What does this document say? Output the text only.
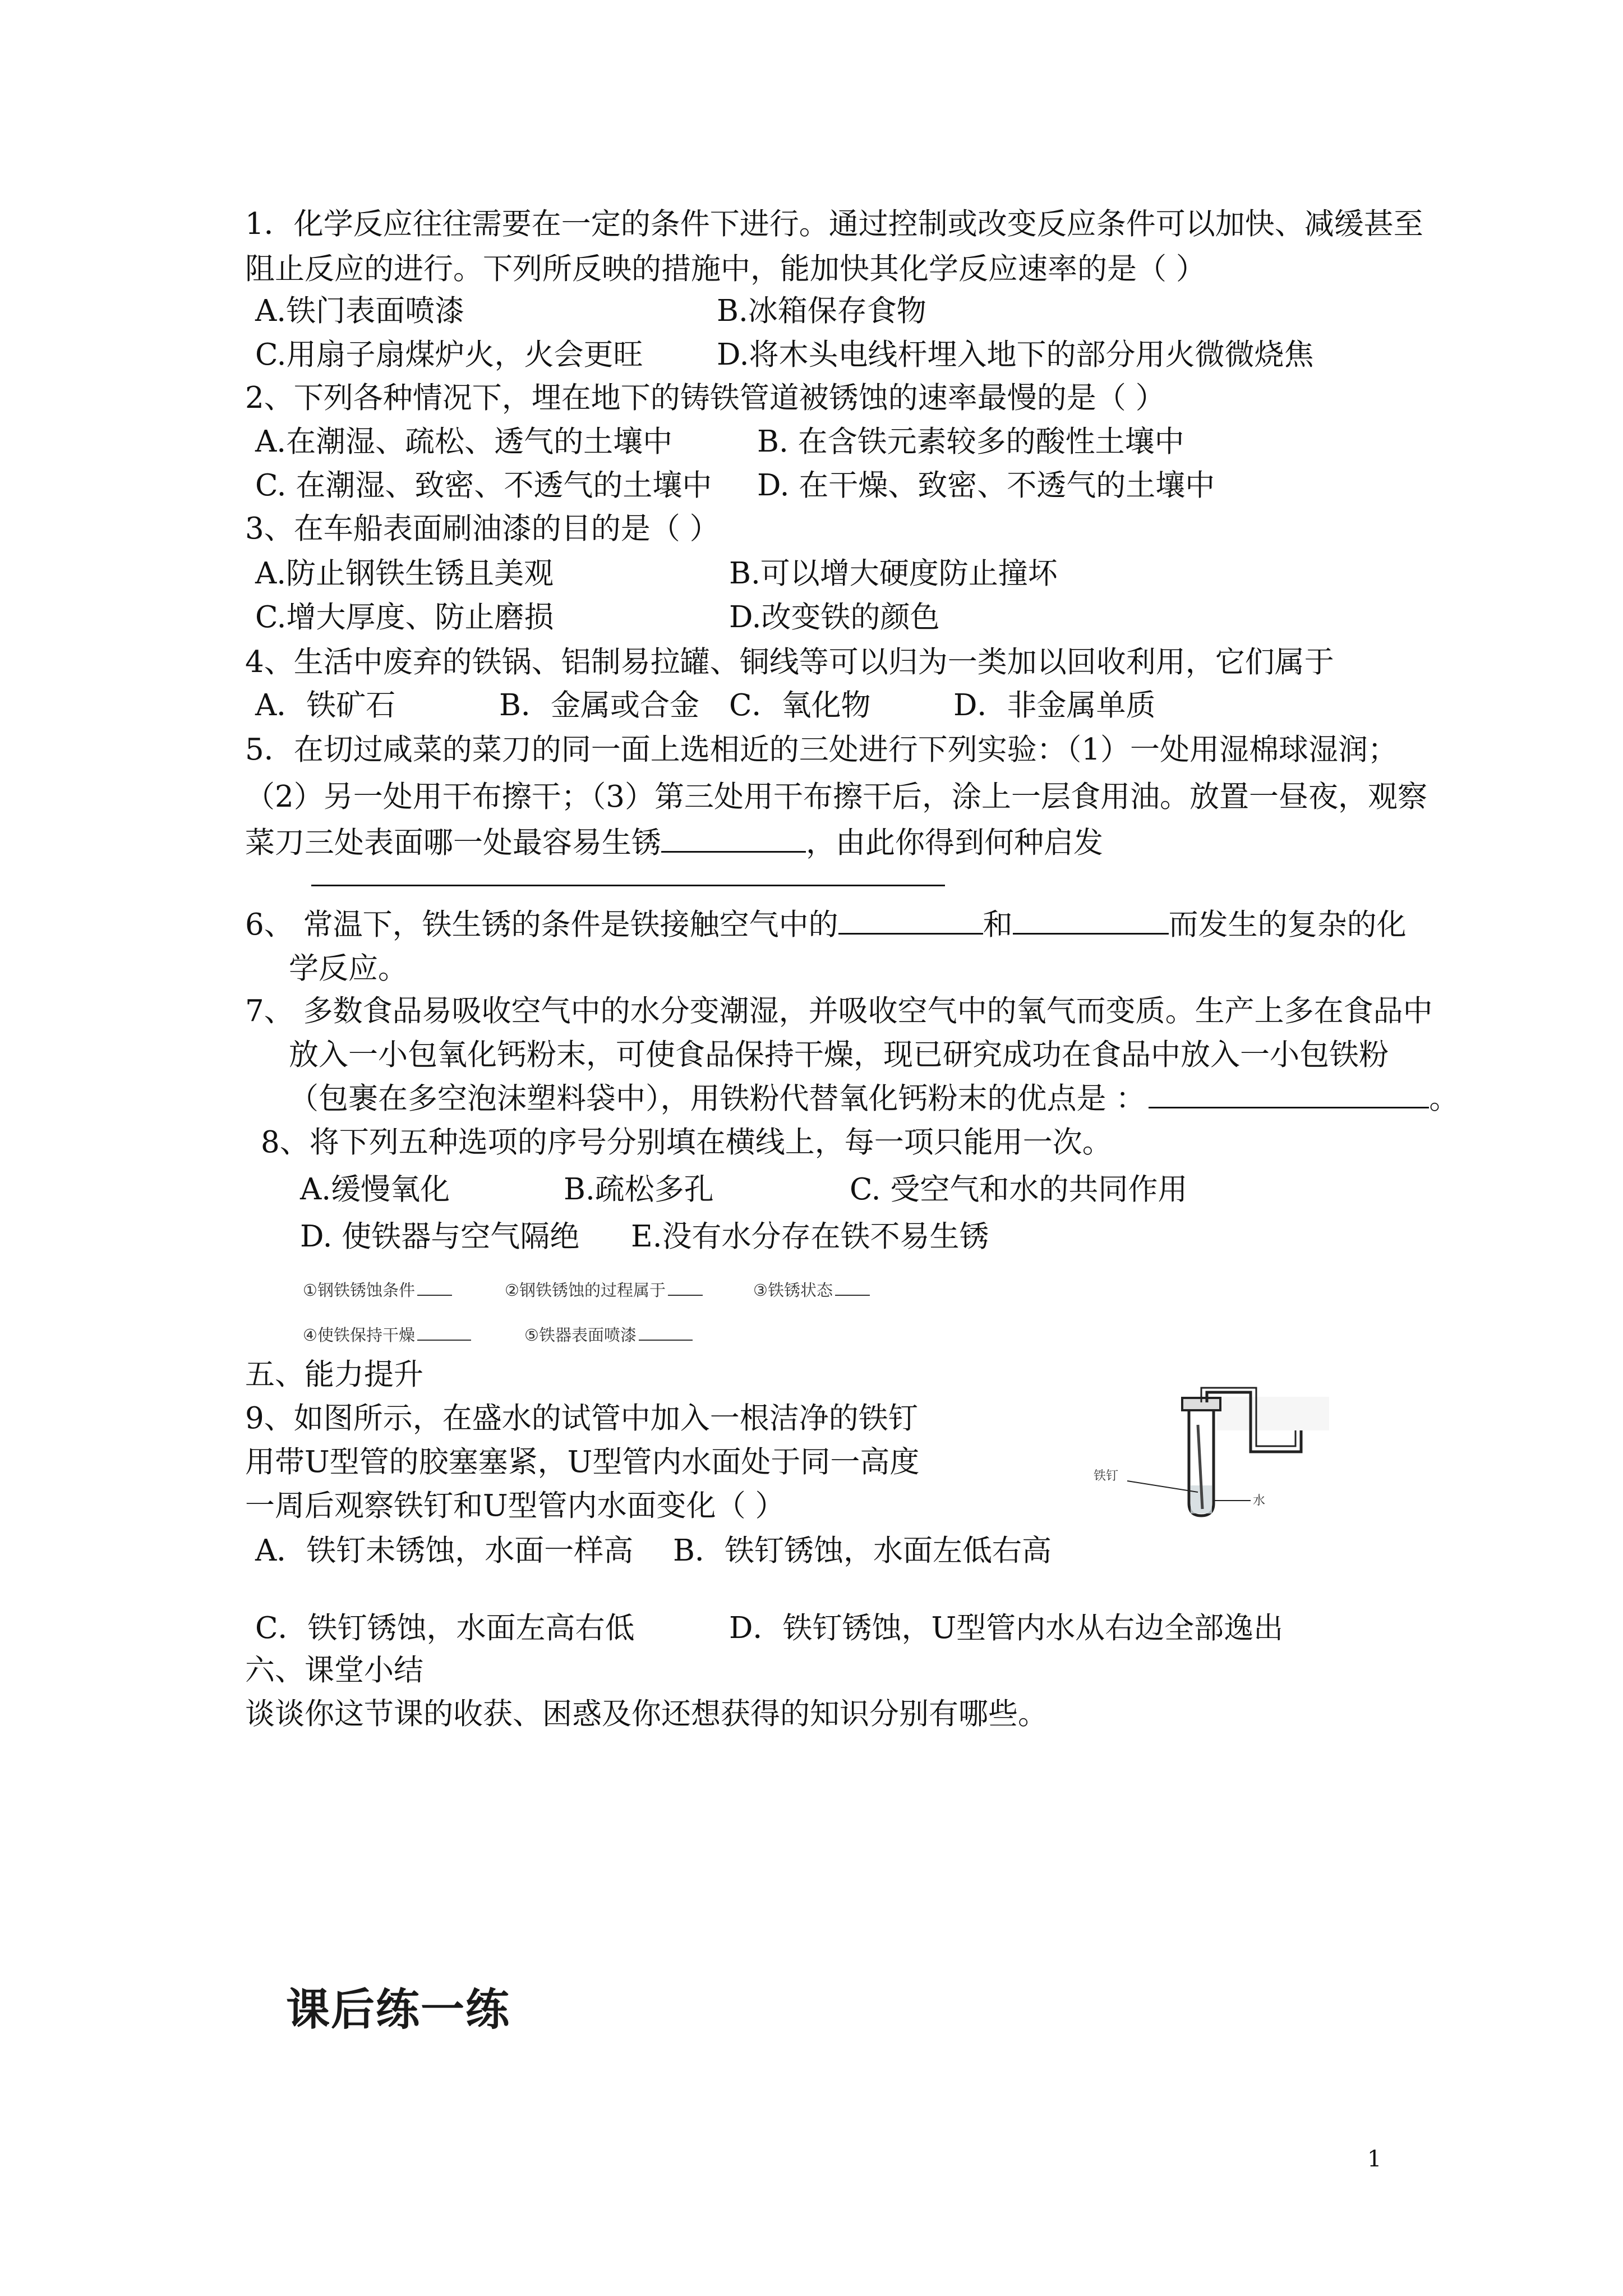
1．化学反应往往需要在一定的条件下进行。通过控制或改变反应条件可以加快、减缓甚至
阻止反应的进行。下列所反映的措施中，能加快其化学反应速率的是（ ）
A.铁门表面喷漆	B.冰箱保存食物
C.用扇子扇煤炉火，火会更旺 D.将木头电线杆埋入地下的部分用火微微烧焦
2、下列各种情况下，埋在地下的铸铁管道被锈蚀的速率最慢的是（ ）
A.在潮湿、疏松、透气的土壤中	B. 在含铁元素较多的酸性土壤中
C. 在潮湿、致密、不透气的土壤中 D. 在干燥、致密、不透气的土壤中
3、在车船表面刷油漆的目的是（ ）
A.防止钢铁生锈且美观	B.可以增大硬度防止撞坏
C.增大厚度、防止磨损	D.改变铁的颜色
4、生活中废弃的铁锅、铝制易拉罐、铜线等可以归为一类加以回收利用，它们属于
A．铁矿石	B．金属或合金 C．氧化物	D．非金属单质
5．在切过咸菜的菜刀的同一面上选相近的三处进行下列实验：（1）一处用湿棉球湿润；
（2）另一处用干布擦干；（3）第三处用干布擦干后，涂上一层食用油。放置一昼夜，观察
菜刀三处表面哪一处最容易生锈	，由此你得到何种启发
6、 常温下，铁生锈的条件是铁接触空气中的	和	而发生的复杂的化
学反应。
7、 多数食品易吸收空气中的水分变潮湿，并吸收空气中的氧气而变质。生产上多在食品中
放入一小包氧化钙粉末，可使食品保持干燥，现已研究成功在食品中放入一小包铁粉
（包裹在多空泡沫塑料袋中），用铁粉代替氧化钙粉末的优点是 ：	。
8、将下列五种选项的序号分别填在横线上，每一项只能用一次。
A.缓慢氧化	B.疏松多孔	C. 受空气和水的共同作用
D. 使铁器与空气隔绝 E.没有水分存在铁不易生锈
①钢铁锈蚀条件	②钢铁锈蚀的过程属于	③铁锈状态
④使铁保持干燥	⑤铁器表面喷漆
五、能力提升
9、如图所示，在盛水的试管中加入一根洁净的铁钉
用带U型管的胶塞塞紧，U型管内水面处于同一高度
一周后观察铁钉和U型管内水面变化（ ）
A．铁钉未锈蚀，水面一样高 B．铁钉锈蚀，水面左低右高
C．铁钉锈蚀，水面左高右低	D．铁钉锈蚀，U型管内水从右边全部逸出
铁钉
水
六、课堂小结
谈谈你这节课的收获、困惑及你还想获得的知识分别有哪些。
课后练一练
1
